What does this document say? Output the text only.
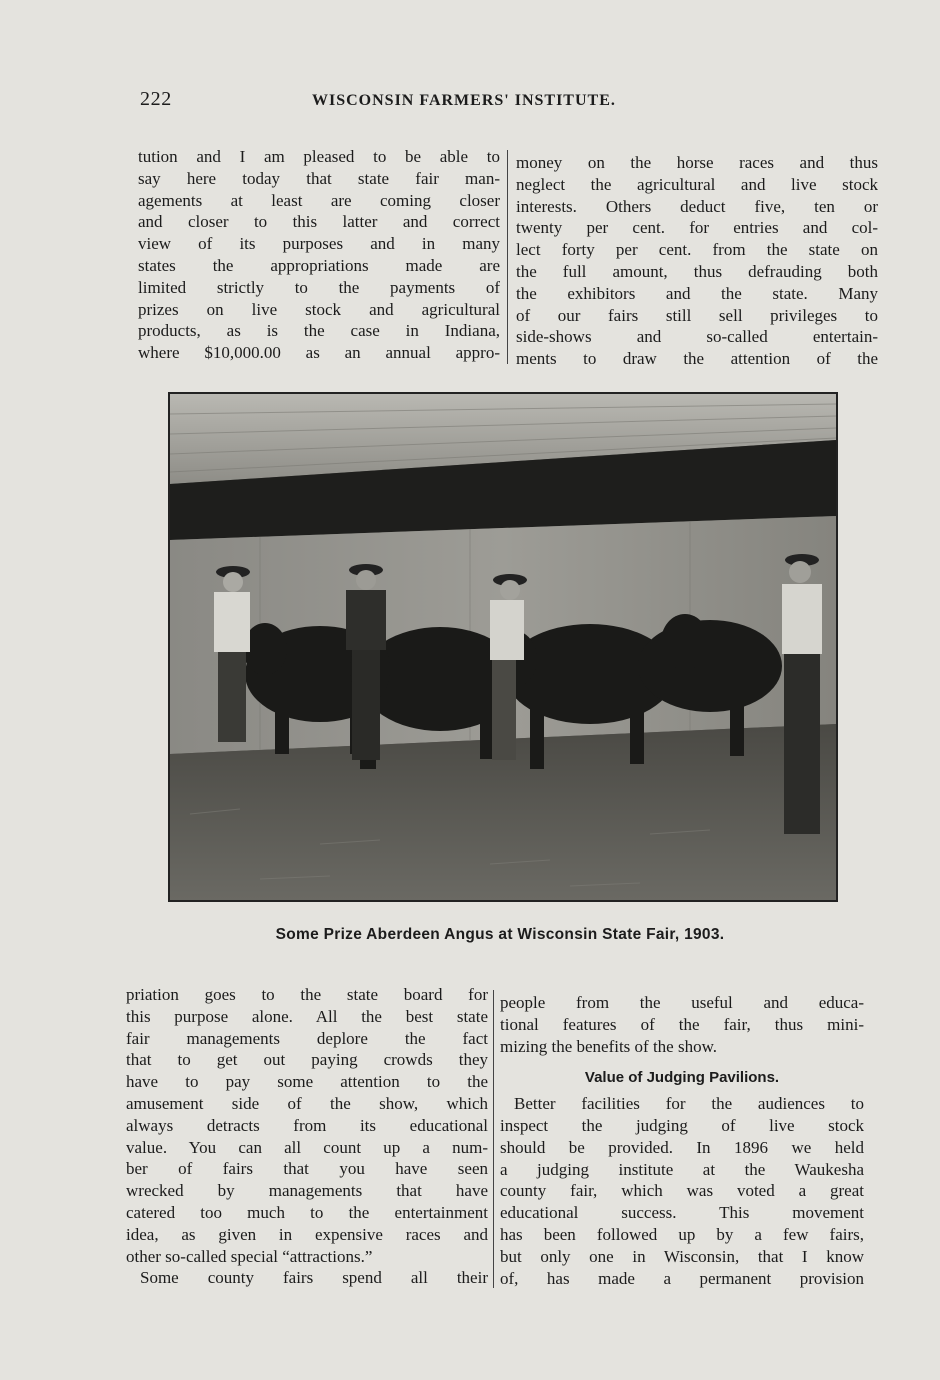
222	WISCONSIN FARMERS' INSTITUTE.
tution and I am pleased to be able to
say here today that state fair man-
agements at least are coming closer
and closer to this latter and correct
view of its purposes and in many
states the appropriations made are
limited strictly to the payments of
prizes on live stock and agricultural
products, as is the case in Indiana,
where $10,000.00 as an annual appro-
money on the horse races and thus
neglect the agricultural and live stock
interests. Others deduct five, ten or
twenty per cent. for entries and col-
lect forty per cent. from the state on
the full amount, thus defrauding both
the exhibitors and the state. Many
of our fairs still sell privileges to
side-shows and so-called entertain-
ments to draw the attention of the
Some Prize Aberdeen Angus at Wisconsin State Fair, 1903.
priation goes to the state board for
this purpose alone. All the best state
fair managements deplore the fact
that to get out paying crowds they
have to pay some attention to the
amusement side of the show, which
always detracts from its educational
value. You can all count up a num-
ber of fairs that you have seen
wrecked by managements that have
catered too much to the entertainment
idea, as given in expensive races and
other so-called special “attractions.”
Some county fairs spend all their
people from the useful and educa-
tional features of the fair, thus mini-
mizing the benefits of the show.
Value of Judging Pavilions.
Better facilities for the audiences to
inspect the judging of live stock
should be provided. In 1896 we held
a judging institute at the Waukesha
county fair, which was voted a great
educational success. This movement
has been followed up by a few fairs,
but only one in Wisconsin, that I know
of, has made a permanent provision
